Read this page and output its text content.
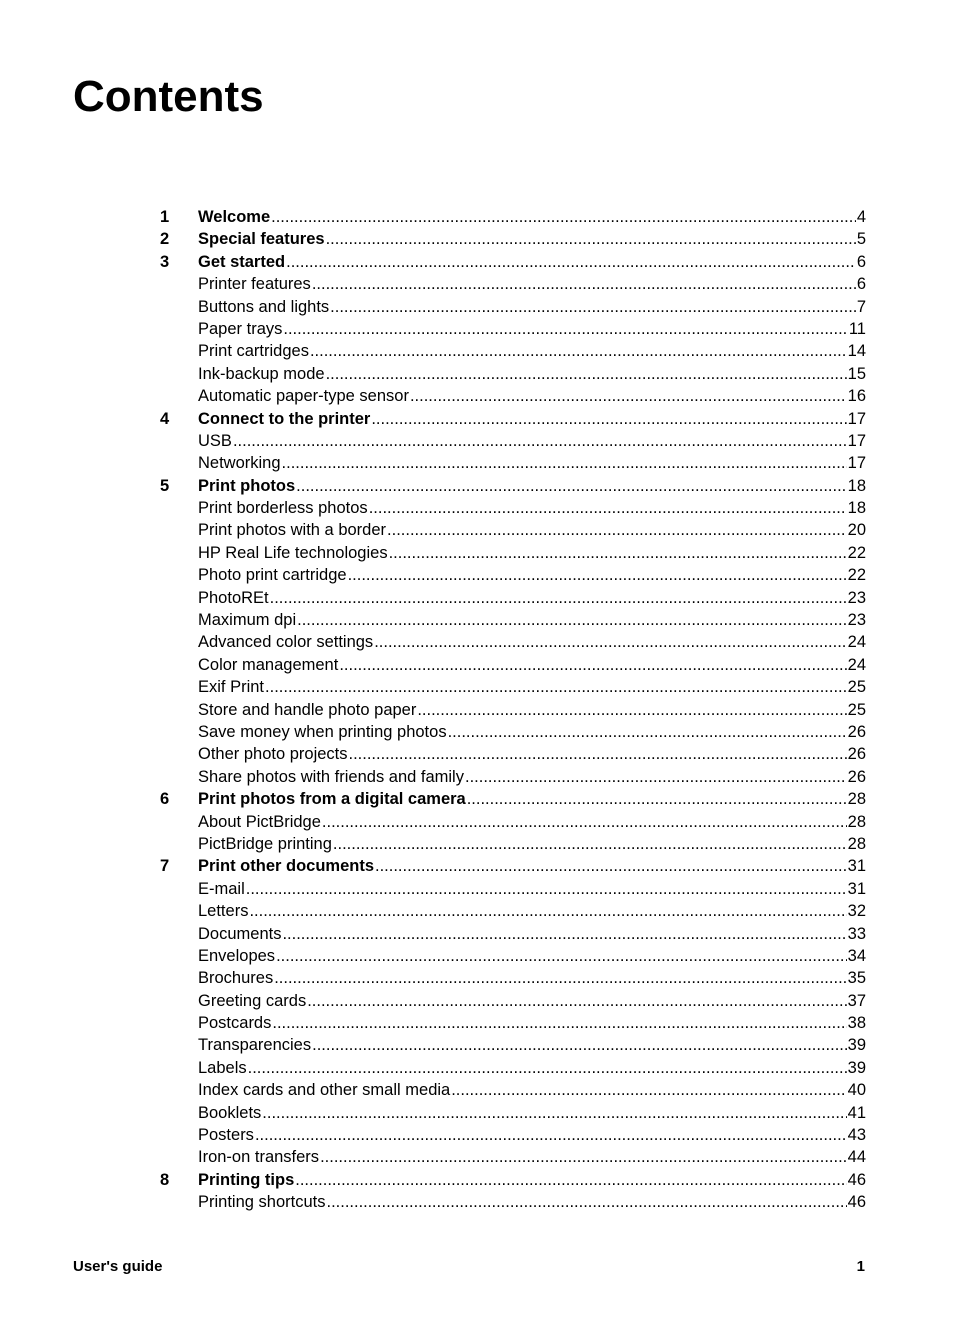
Contents
1	Welcome .....	4
2	Special features .....	5
3	Get started .....	6
Printer features .....	6
Buttons and lights .....	7
Paper trays .....	11
Print cartridges .....	14
Ink-backup mode .....	15
Automatic paper-type sensor .....	16
4	Connect to the printer .....	17
USB .....	17
Networking .....	17
5	Print photos .....	18
Print borderless photos .....	18
Print photos with a border .....	20
HP Real Life technologies .....	22
Photo print cartridge .....	22
PhotoREt .....	23
Maximum dpi .....	23
Advanced color settings .....	24
Color management .....	24
Exif Print .....	25
Store and handle photo paper .....	25
Save money when printing photos .....	26
Other photo projects .....	26
Share photos with friends and family .....	26
6	Print photos from a digital camera .....	28
About PictBridge .....	28
PictBridge printing .....	28
7	Print other documents .....	31
E-mail .....	31
Letters .....	32
Documents .....	33
Envelopes .....	34
Brochures .....	35
Greeting cards .....	37
Postcards .....	38
Transparencies .....	39
Labels .....	39
Index cards and other small media .....	40
Booklets .....	41
Posters .....	43
Iron-on transfers .....	44
8	Printing tips .....	46
Printing shortcuts .....	46
User's guide	1
